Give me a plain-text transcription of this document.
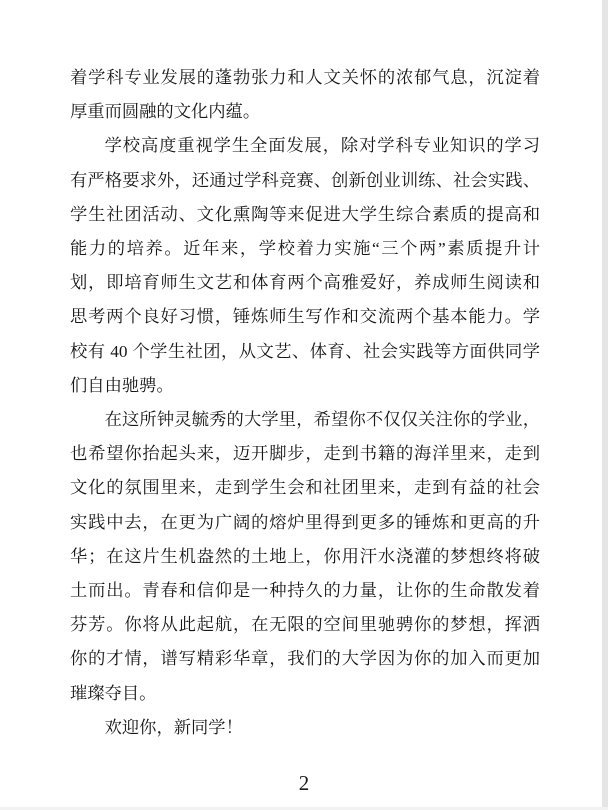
着学科专业发展的蓬勃张力和人文关怀的浓郁气息，沉淀着
厚重而圆融的文化内蕴。
学校高度重视学生全面发展，除对学科专业知识的学习
有严格要求外，还通过学科竞赛、创新创业训练、社会实践、
学生社团活动、文化熏陶等来促进大学生综合素质的提高和
能力的培养。近年来，学校着力实施“三个两”素质提升计
划，即培育师生文艺和体育两个高雅爱好，养成师生阅读和
思考两个良好习惯，锤炼师生写作和交流两个基本能力。学
校有 40 个学生社团，从文艺、体育、社会实践等方面供同学
们自由驰骋。
在这所钟灵毓秀的大学里，希望你不仅仅关注你的学业，
也希望你抬起头来，迈开脚步，走到书籍的海洋里来，走到
文化的氛围里来，走到学生会和社团里来，走到有益的社会
实践中去，在更为广阔的熔炉里得到更多的锤炼和更高的升
华；在这片生机盎然的土地上，你用汗水浇灌的梦想终将破
土而出。青春和信仰是一种持久的力量，让你的生命散发着
芬芳。你将从此起航，在无限的空间里驰骋你的梦想，挥洒
你的才情，谱写精彩华章，我们的大学因为你的加入而更加
璀璨夺目。
欢迎你，新同学！
2
